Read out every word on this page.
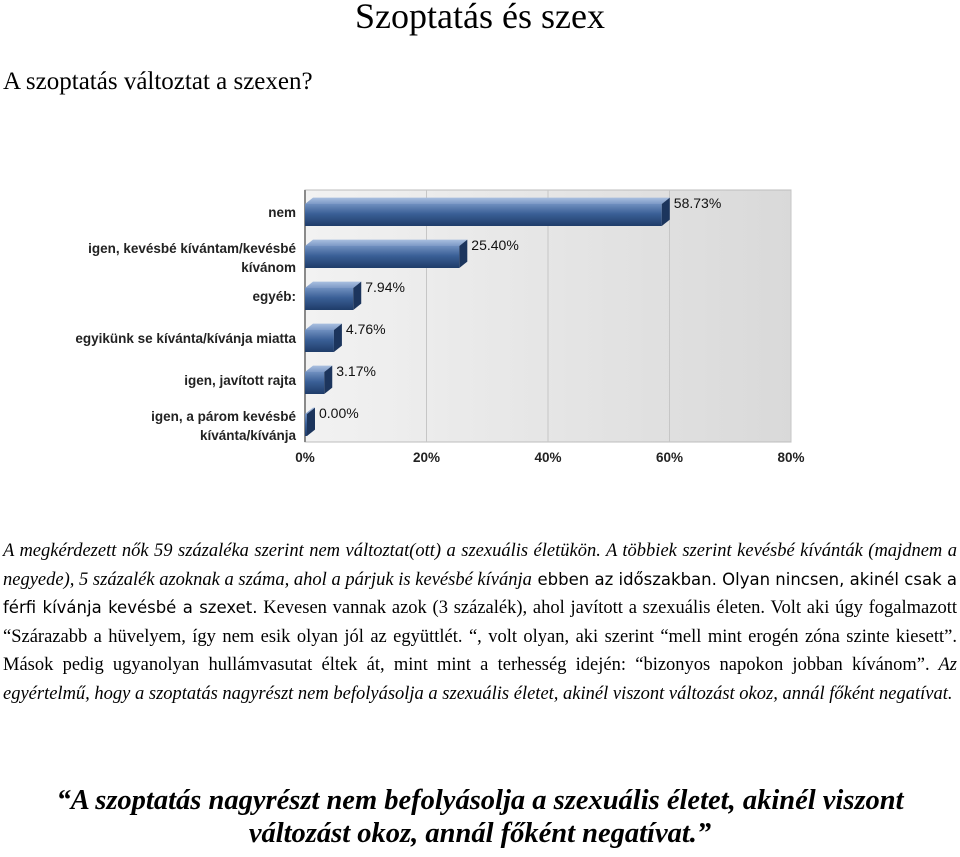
Szoptatás és szex
A szoptatás változtat a szexen?
nem
igen, kevésbé kívántam/kevésbé kívánom
egyéb:
egyikünk se kívánta/kívánja miatta
igen, javított rajta
igen, a párom kevésbé kívánta/kívánja
58.73%
25.40%
7.94%
4.76%
3.17%
0.00%
0%	20%	40%	60%	80%

A megkérdezett nők 59 százaléka szerint nem változtat(ott) a szexuális életükön. A többiek szerint kevésbé kívánták (majdnem a negyede), 5 százalék azoknak a száma, ahol a párjuk is kevésbé kívánja ebben az időszakban. Olyan nincsen, akinél csak a férfi kívánja kevésbé a szexet. Kevesen vannak azok (3 százalék), ahol javított a szexuális életen. Volt aki úgy fogalmazott “Szárazabb a hüvelyem, így nem esik olyan jól az együttlét. “, volt olyan, aki szerint “mell mint erogén zóna szinte kiesett”. Mások pedig ugyanolyan hullámvasutat éltek át, mint mint a terhesség idején: “bizonyos napokon jobban kívánom”. Az egyértelmű, hogy a szoptatás nagyrészt nem befolyásolja a szexuális életet, akinél viszont változást okoz, annál főként negatívat.

“A szoptatás nagyrészt nem befolyásolja a szexuális életet, akinél viszont
változást okoz, annál főként negatívat.”
